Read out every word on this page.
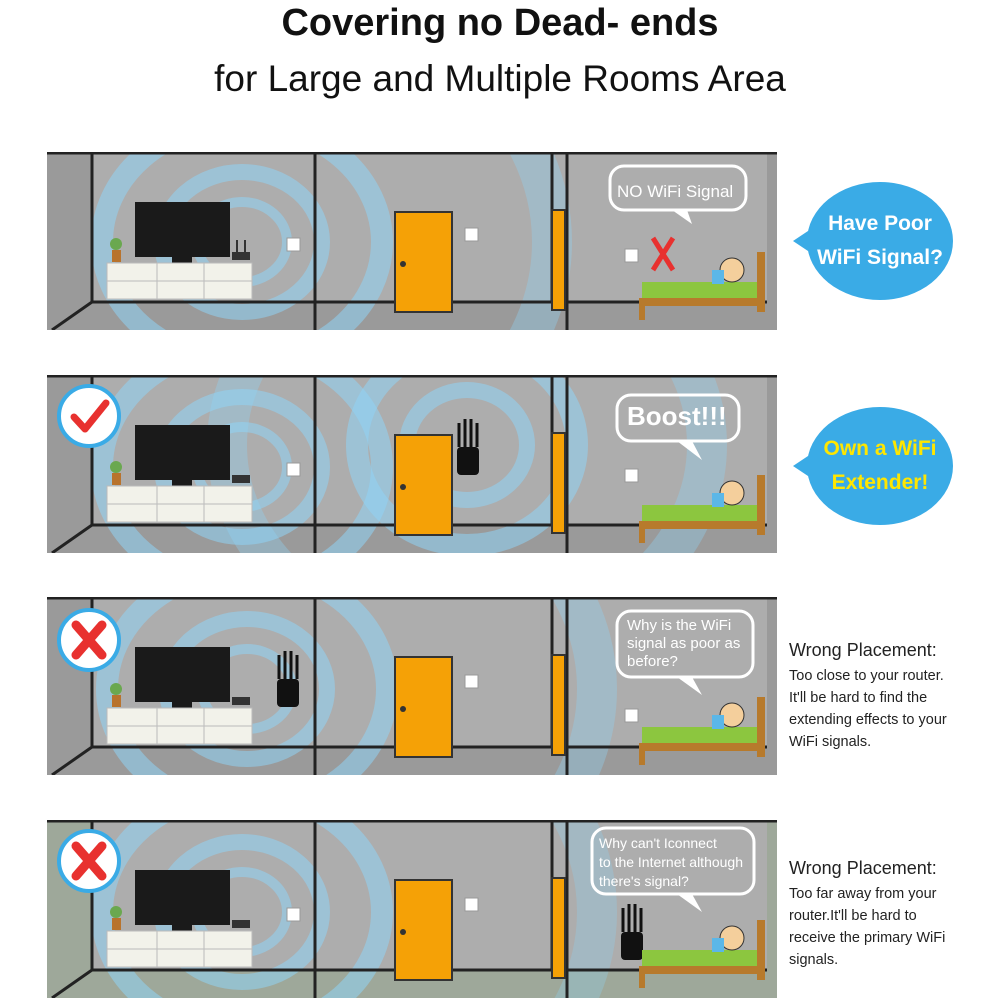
Covering no Dead- ends
for Large and Multiple Rooms Area
NO WiFi Signal
Have Poor
WiFi Signal?
Boost!!!
Own a WiFi
Extender!
Why is the WiFi
signal as poor as
before?
Wrong Placement:
Too close to your router.
It'll be hard to find the
extending effects to your
WiFi signals.
Why can't Iconnect
to the Internet although
there's signal?
Wrong Placement:
Too far away from your
router.It'll be hard to
receive the primary WiFi
signals.
